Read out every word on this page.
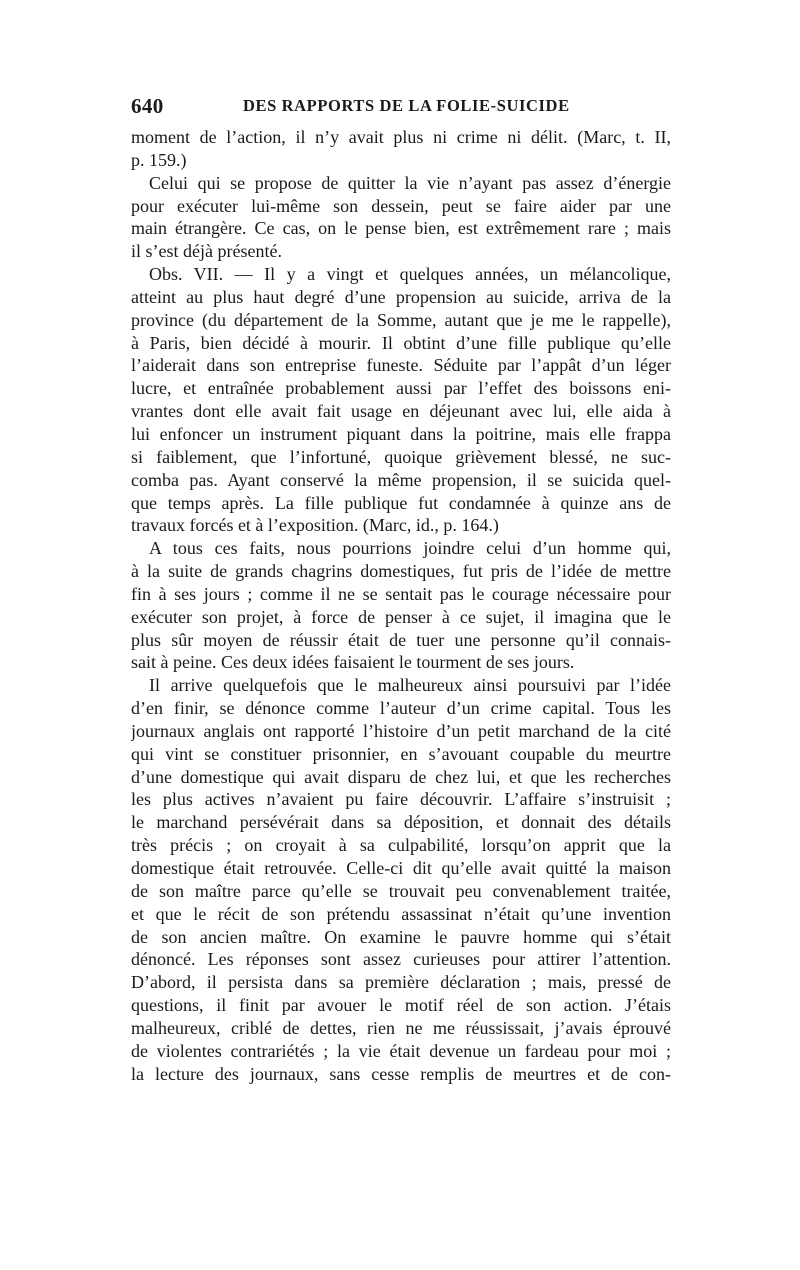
640	DES RAPPORTS DE LA FOLIE-SUICIDE
moment de l’action, il n’y avait plus ni crime ni délit. (Marc, t. II,
p. 159.)
Celui qui se propose de quitter la vie n’ayant pas assez d’énergie
pour exécuter lui-même son dessein, peut se faire aider par une
main étrangère. Ce cas, on le pense bien, est extrêmement rare ; mais
il s’est déjà présenté.
Obs. VII. — Il y a vingt et quelques années, un mélancolique,
atteint au plus haut degré d’une propension au suicide, arriva de la
province (du département de la Somme, autant que je me le rappelle),
à Paris, bien décidé à mourir. Il obtint d’une fille publique qu’elle
l’aiderait dans son entreprise funeste. Séduite par l’appât d’un léger
lucre, et entraînée probablement aussi par l’effet des boissons eni-
vrantes dont elle avait fait usage en déjeunant avec lui, elle aida à
lui enfoncer un instrument piquant dans la poitrine, mais elle frappa
si faiblement, que l’infortuné, quoique grièvement blessé, ne suc-
comba pas. Ayant conservé la même propension, il se suicida quel-
que temps après. La fille publique fut condamnée à quinze ans de
travaux forcés et à l’exposition. (Marc, id., p. 164.)
A tous ces faits, nous pourrions joindre celui d’un homme qui,
à la suite de grands chagrins domestiques, fut pris de l’idée de mettre
fin à ses jours ; comme il ne se sentait pas le courage nécessaire pour
exécuter son projet, à force de penser à ce sujet, il imagina que le
plus sûr moyen de réussir était de tuer une personne qu’il connais-
sait à peine. Ces deux idées faisaient le tourment de ses jours.
Il arrive quelquefois que le malheureux ainsi poursuivi par l’idée
d’en finir, se dénonce comme l’auteur d’un crime capital. Tous les
journaux anglais ont rapporté l’histoire d’un petit marchand de la cité
qui vint se constituer prisonnier, en s’avouant coupable du meurtre
d’une domestique qui avait disparu de chez lui, et que les recherches
les plus actives n’avaient pu faire découvrir. L’affaire s’instruisit ;
le marchand persévérait dans sa déposition, et donnait des détails
très précis ; on croyait à sa culpabilité, lorsqu’on apprit que la
domestique était retrouvée. Celle-ci dit qu’elle avait quitté la maison
de son maître parce qu’elle se trouvait peu convenablement traitée,
et que le récit de son prétendu assassinat n’était qu’une invention
de son ancien maître. On examine le pauvre homme qui s’était
dénoncé. Les réponses sont assez curieuses pour attirer l’attention.
D’abord, il persista dans sa première déclaration ; mais, pressé de
questions, il finit par avouer le motif réel de son action. J’étais
malheureux, criblé de dettes, rien ne me réussissait, j’avais éprouvé
de violentes contrariétés ; la vie était devenue un fardeau pour moi ;
la lecture des journaux, sans cesse remplis de meurtres et de con-
